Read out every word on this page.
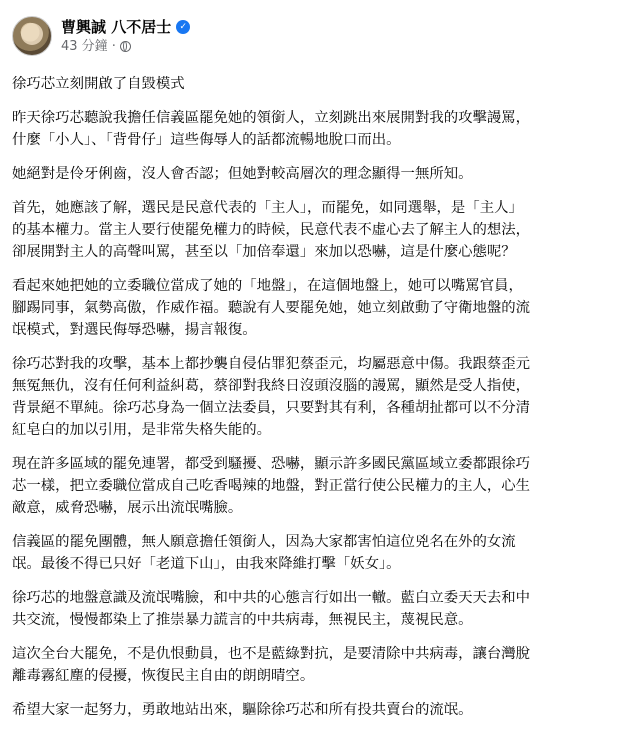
曹興誠 八不居士 ✓
43 分鐘 ·

徐巧芯立刻開啟了自毀模式

昨天徐巧芯聽說我擔任信義區罷免她的領銜人，立刻跳出來展開對我的攻擊謾罵，
什麼「小人」、「背骨仔」這些侮辱人的話都流暢地脫口而出。

她絕對是伶牙俐齒，沒人會否認；但她對較高層次的理念顯得一無所知。

首先，她應該了解，選民是民意代表的「主人」，而罷免，如同選舉，是「主人」
的基本權力。當主人要行使罷免權力的時候，民意代表不虛心去了解主人的想法，
卻展開對主人的高聲叫罵，甚至以「加倍奉還」來加以恐嚇，這是什麼心態呢？

看起來她把她的立委職位當成了她的「地盤」，在這個地盤上，她可以嘴罵官員，
腳踢同事，氣勢高傲，作威作福。聽說有人要罷免她，她立刻啟動了守衛地盤的流
氓模式，對選民侮辱恐嚇，揚言報復。

徐巧芯對我的攻擊，基本上都抄襲自侵佔罪犯蔡歪元，均屬惡意中傷。我跟蔡歪元
無冤無仇，沒有任何利益糾葛，蔡卻對我終日沒頭沒腦的謾罵，顯然是受人指使，
背景絕不單純。徐巧芯身為一個立法委員，只要對其有利，各種胡扯都可以不分清
紅皂白的加以引用，是非常失格失能的。

現在許多區域的罷免連署，都受到騷擾、恐嚇，顯示許多國民黨區域立委都跟徐巧
芯一樣，把立委職位當成自己吃香喝辣的地盤，對正當行使公民權力的主人，心生
敵意，威脅恐嚇，展示出流氓嘴臉。

信義區的罷免團體，無人願意擔任領銜人，因為大家都害怕這位兇名在外的女流
氓。最後不得已只好「老道下山」，由我來降維打擊「妖女」。

徐巧芯的地盤意識及流氓嘴臉，和中共的心態言行如出一轍。藍白立委天天去和中
共交流，慢慢都染上了推崇暴力謊言的中共病毒，無視民主，蔑視民意。

這次全台大罷免，不是仇恨動員，也不是藍綠對抗，是要清除中共病毒，讓台灣脫
離毒霧紅塵的侵擾，恢復民主自由的朗朗晴空。

希望大家一起努力，勇敢地站出來，驅除徐巧芯和所有投共賣台的流氓。
